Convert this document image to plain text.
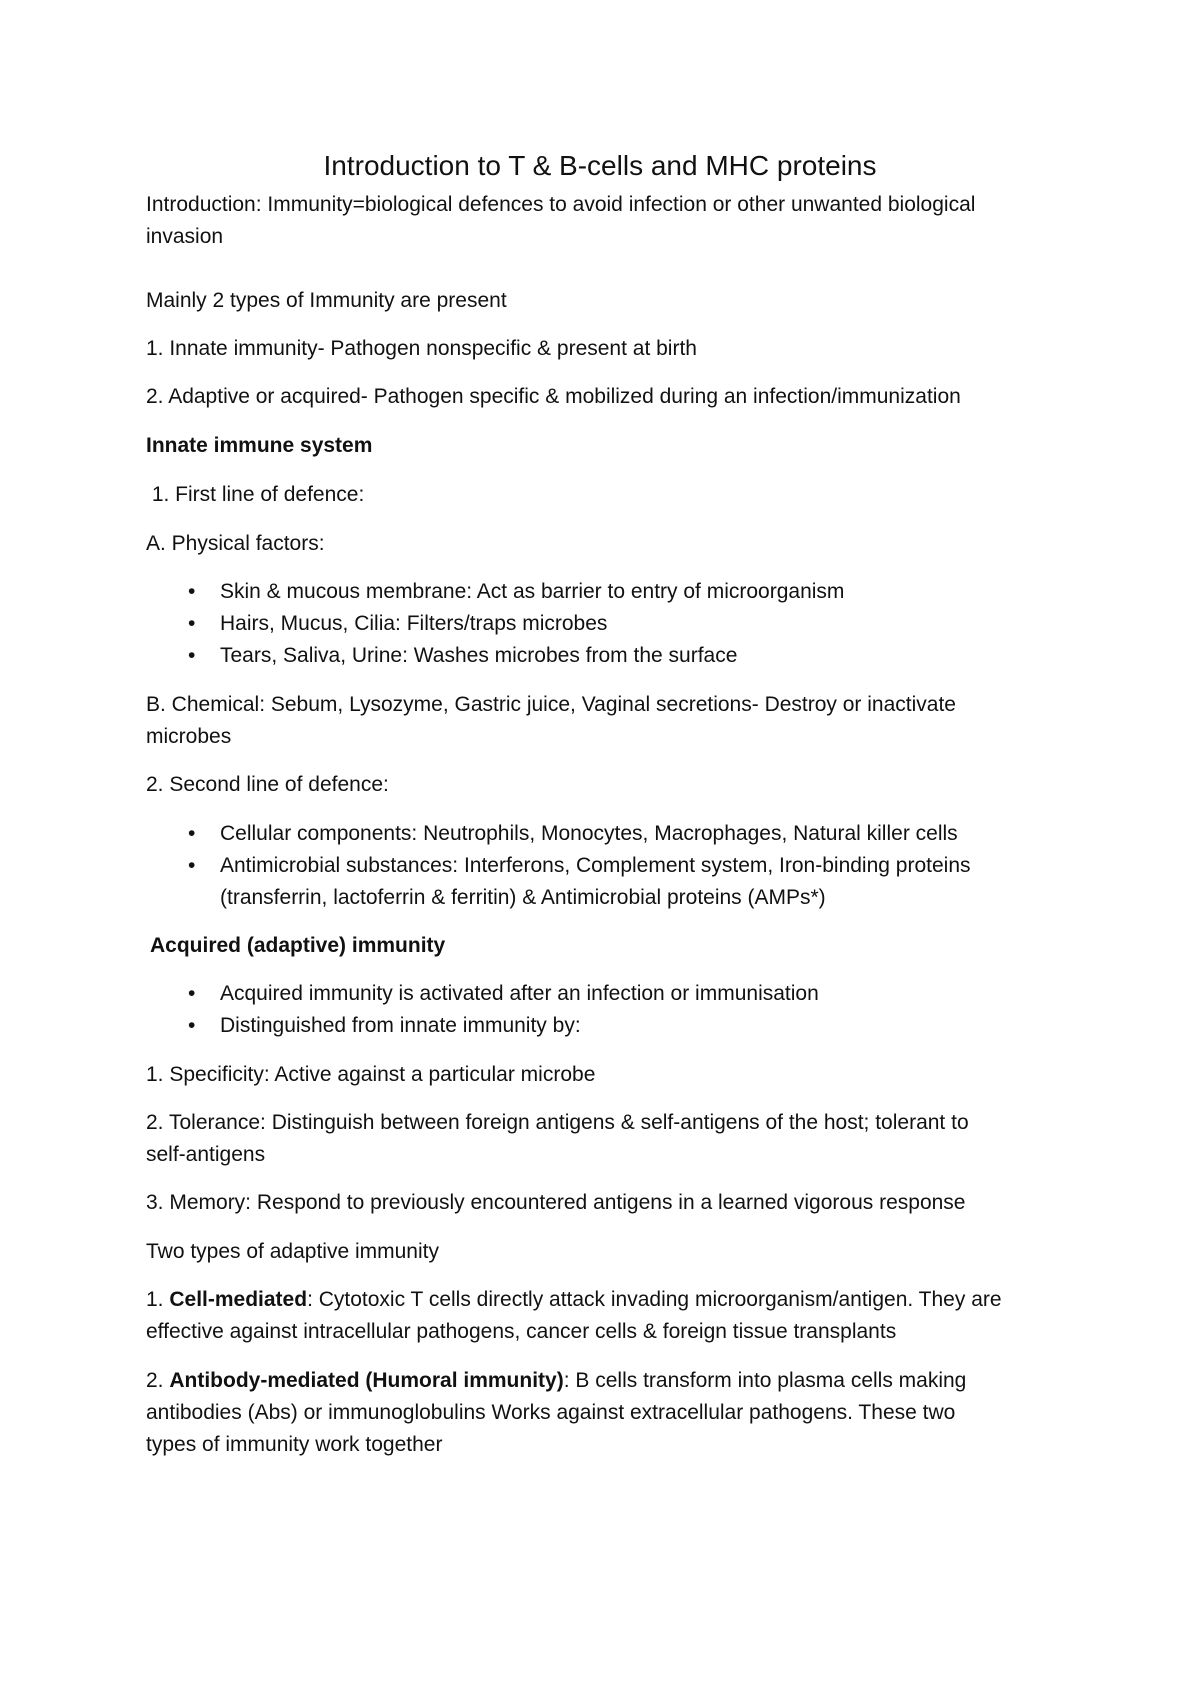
Introduction to T & B-cells and MHC proteins

Introduction: Immunity=biological defences to avoid infection or other unwanted biological
invasion

Mainly 2 types of Immunity are present

1. Innate immunity- Pathogen nonspecific & present at birth

2. Adaptive or acquired- Pathogen specific & mobilized during an infection/immunization

Innate immune system

1. First line of defence:

A. Physical factors:

• Skin & mucous membrane: Act as barrier to entry of microorganism
• Hairs, Mucus, Cilia: Filters/traps microbes
• Tears, Saliva, Urine: Washes microbes from the surface

B. Chemical: Sebum, Lysozyme, Gastric juice, Vaginal secretions- Destroy or inactivate
microbes

2. Second line of defence:

• Cellular components: Neutrophils, Monocytes, Macrophages, Natural killer cells
• Antimicrobial substances: Interferons, Complement system, Iron-binding proteins
(transferrin, lactoferrin & ferritin) & Antimicrobial proteins (AMPs*)

Acquired (adaptive) immunity

• Acquired immunity is activated after an infection or immunisation
• Distinguished from innate immunity by:

1. Specificity: Active against a particular microbe

2. Tolerance: Distinguish between foreign antigens & self-antigens of the host; tolerant to
self-antigens

3. Memory: Respond to previously encountered antigens in a learned vigorous response

Two types of adaptive immunity

1. Cell-mediated: Cytotoxic T cells directly attack invading microorganism/antigen. They are
effective against intracellular pathogens, cancer cells & foreign tissue transplants

2. Antibody-mediated (Humoral immunity): B cells transform into plasma cells making
antibodies (Abs) or immunoglobulins Works against extracellular pathogens. These two
types of immunity work together
